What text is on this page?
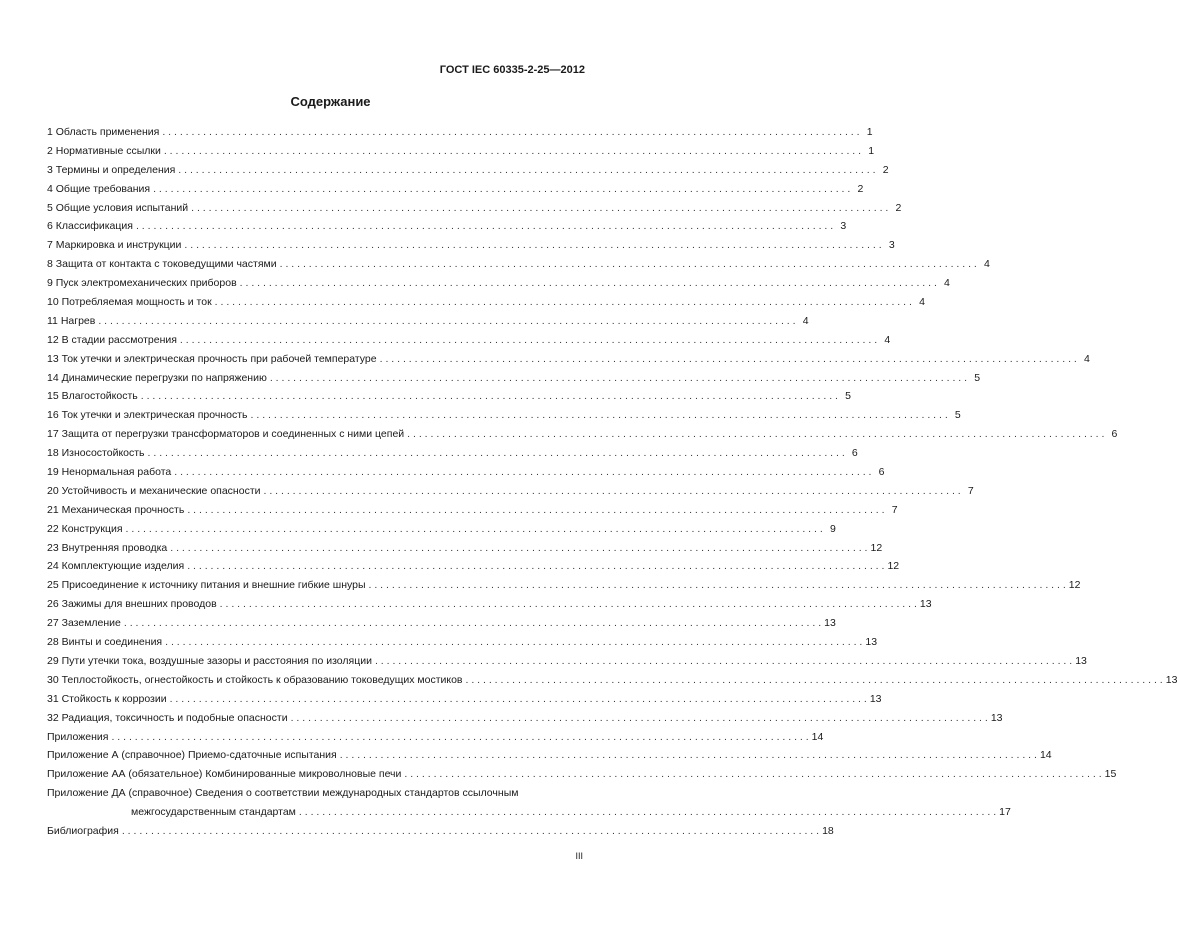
ГОСТ IEC 60335-2-25—2012
Содержание
1 Область применения . . .	1
2 Нормативные ссылки . . .	1
3 Термины и определения . . .	2
4 Общие требования . . .	2
5 Общие условия испытаний . . .	2
6 Классификация . . .	3
7 Маркировка и инструкции . . .	3
8 Защита от контакта с токоведущими частями . . .	4
9 Пуск электромеханических приборов . . .	4
10 Потребляемая мощность и ток . . .	4
11 Нагрев . . .	4
12 В стадии рассмотрения . . .	4
13 Ток утечки и электрическая прочность при рабочей температуре . . .	4
14 Динамические перегрузки по напряжению . . .	5
15 Влагостойкость . . .	5
16 Ток утечки и электрическая прочность . . .	5
17 Защита от перегрузки трансформаторов и соединенных с ними цепей . . .	6
18 Износостойкость . . .	6
19 Ненормальная работа . . .	6
20 Устойчивость и механические опасности . . .	7
21 Механическая прочность . . .	7
22 Конструкция . . .	9
23 Внутренняя проводка . . .	12
24 Комплектующие изделия . . .	12
25 Присоединение к источнику питания и внешние гибкие шнуры . . .	12
26 Зажимы для внешних проводов . . .	13
27 Заземление . . .	13
28 Винты и соединения . . .	13
29 Пути утечки тока, воздушные зазоры и расстояния по изоляции . . .	13
30 Теплостойкость, огнестойкость и стойкость к образованию токоведущих мостиков . . .	13
31 Стойкость к коррозии . . .	13
32 Радиация, токсичность и подобные опасности . . .	13
Приложения . . .	14
Приложение А (справочное) Приемо-сдаточные испытания . . .	14
Приложение АА (обязательное) Комбинированные микроволновые печи . . .	15
Приложение ДА (справочное) Сведения о соответствии международных стандартов ссылочным
межгосударственным стандартам . . .	17
Библиография . . .	18
III
